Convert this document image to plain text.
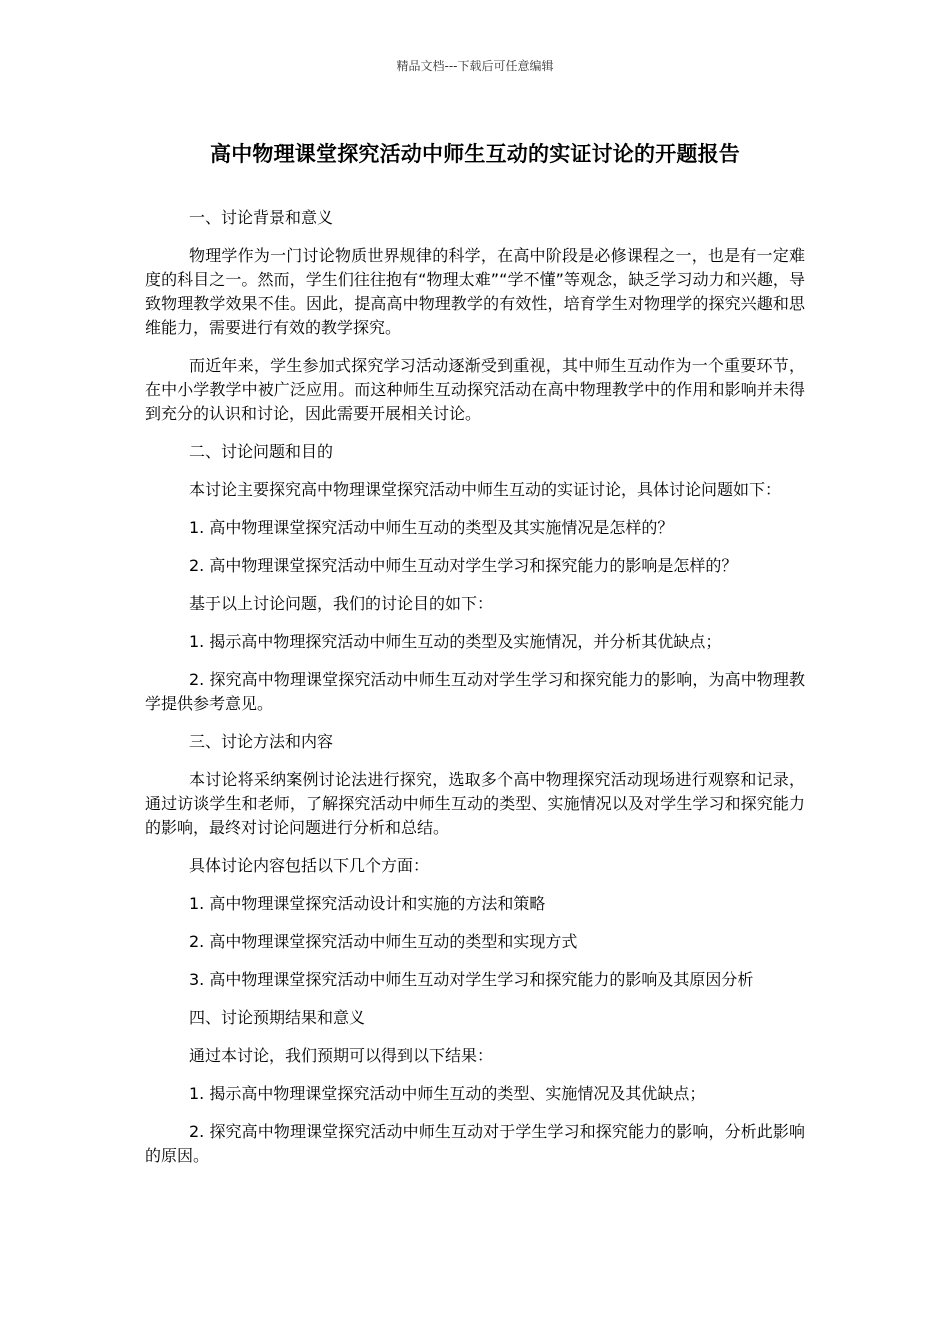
精品文档---下载后可任意编辑
高中物理课堂探究活动中师生互动的实证讨论的开题报告

一、讨论背景和意义

物理学作为一门讨论物质世界规律的科学，在高中阶段是必修课程之一，也是有一定难度的科目之一。然而，学生们往往抱有“物理太难”“学不懂”等观念，缺乏学习动力和兴趣，导致物理教学效果不佳。因此，提高高中物理教学的有效性，培育学生对物理学的探究兴趣和思维能力，需要进行有效的教学探究。

而近年来，学生参加式探究学习活动逐渐受到重视，其中师生互动作为一个重要环节，在中小学教学中被广泛应用。而这种师生互动探究活动在高中物理教学中的作用和影响并未得到充分的认识和讨论，因此需要开展相关讨论。

二、讨论问题和目的

本讨论主要探究高中物理课堂探究活动中师生互动的实证讨论，具体讨论问题如下：

1. 高中物理课堂探究活动中师生互动的类型及其实施情况是怎样的？

2. 高中物理课堂探究活动中师生互动对学生学习和探究能力的影响是怎样的？

基于以上讨论问题，我们的讨论目的如下：

1. 揭示高中物理探究活动中师生互动的类型及实施情况，并分析其优缺点；

2. 探究高中物理课堂探究活动中师生互动对学生学习和探究能力的影响，为高中物理教学提供参考意见。

三、讨论方法和内容

本讨论将采纳案例讨论法进行探究，选取多个高中物理探究活动现场进行观察和记录，通过访谈学生和老师，了解探究活动中师生互动的类型、实施情况以及对学生学习和探究能力的影响，最终对讨论问题进行分析和总结。

具体讨论内容包括以下几个方面：

1. 高中物理课堂探究活动设计和实施的方法和策略

2. 高中物理课堂探究活动中师生互动的类型和实现方式

3. 高中物理课堂探究活动中师生互动对学生学习和探究能力的影响及其原因分析

四、讨论预期结果和意义

通过本讨论，我们预期可以得到以下结果：

1. 揭示高中物理课堂探究活动中师生互动的类型、实施情况及其优缺点；

2. 探究高中物理课堂探究活动中师生互动对于学生学习和探究能力的影响，分析此影响的原因。
